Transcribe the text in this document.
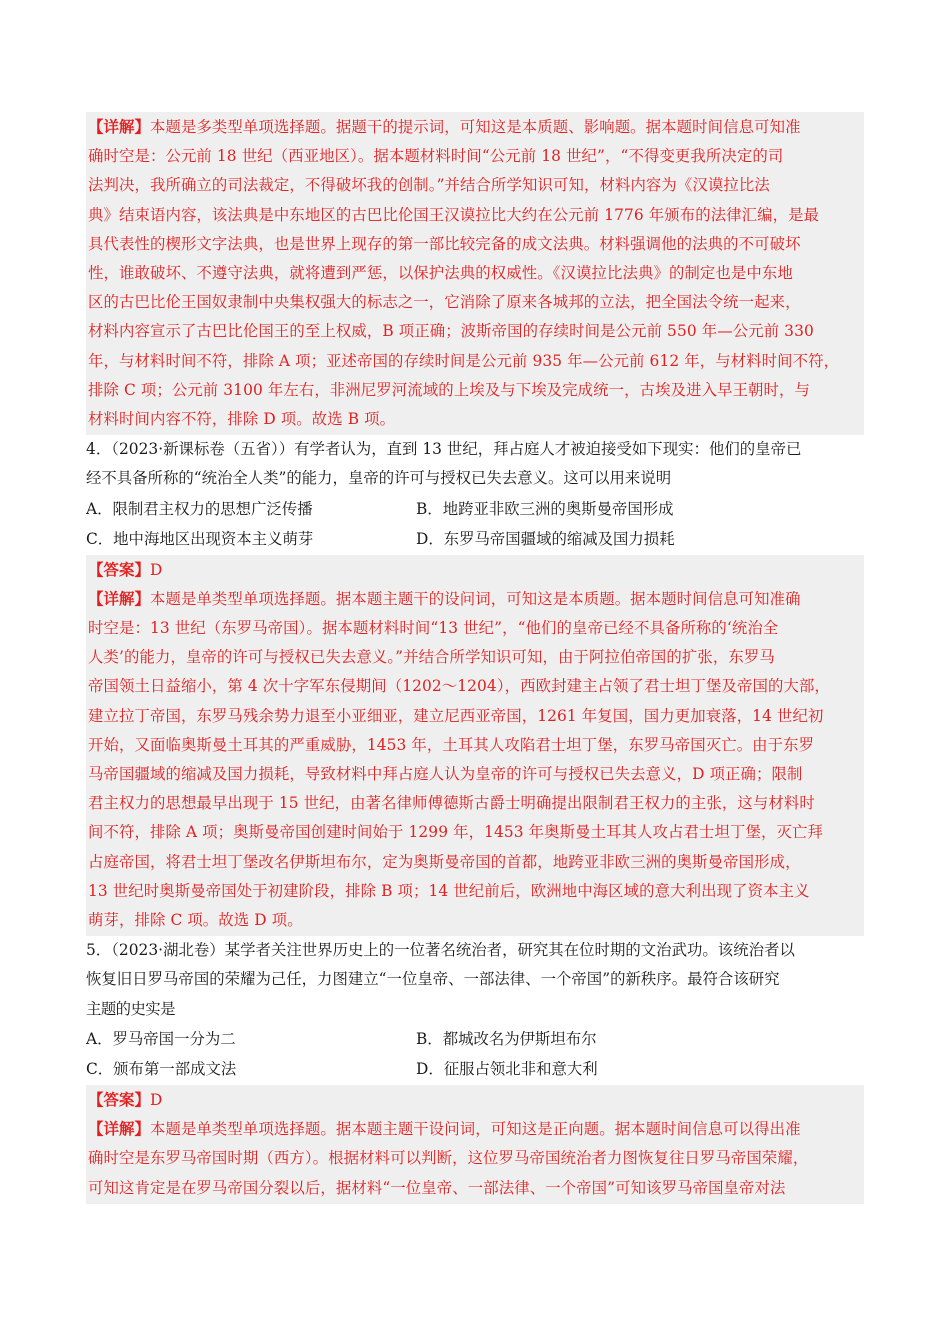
【详解】本题是多类型单项选择题。据题干的提示词，可知这是本质题、影响题。据本题时间信息可知准
确时空是：公元前 18 世纪（西亚地区）。据本题材料时间“公元前 18 世纪”，“不得变更我所决定的司
法判决，我所确立的司法裁定，不得破坏我的创制。”并结合所学知识可知，材料内容为《汉谟拉比法
典》结束语内容，该法典是中东地区的古巴比伦国王汉谟拉比大约在公元前 1776 年颁布的法律汇编，是最
具代表性的楔形文字法典，也是世界上现存的第一部比较完备的成文法典。材料强调他的法典的不可破坏
性，谁敢破坏、不遵守法典，就将遭到严惩，以保护法典的权威性。《汉谟拉比法典》的制定也是中东地
区的古巴比伦王国奴隶制中央集权强大的标志之一，它消除了原来各城邦的立法，把全国法令统一起来，
材料内容宣示了古巴比伦国王的至上权威，B 项正确；波斯帝国的存续时间是公元前 550 年—公元前 330
年，与材料时间不符，排除 A 项；亚述帝国的存续时间是公元前 935 年—公元前 612 年，与材料时间不符，
排除 C 项；公元前 3100 年左右，非洲尼罗河流域的上埃及与下埃及完成统一，古埃及进入早王朝时，与
材料时间内容不符，排除 D 项。故选 B 项。
4．（2023·新课标卷（五省））有学者认为，直到 13 世纪，拜占庭人才被迫接受如下现实：他们的皇帝已
经不具备所称的“统治全人类”的能力，皇帝的许可与授权已失去意义。这可以用来说明
A．限制君主权力的思想广泛传播	B．地跨亚非欧三洲的奥斯曼帝国形成
C．地中海地区出现资本主义萌芽	D．东罗马帝国疆域的缩减及国力损耗
【答案】D
【详解】本题是单类型单项选择题。据本题主题干的设问词，可知这是本质题。据本题时间信息可知准确
时空是：13 世纪（东罗马帝国）。据本题材料时间“13 世纪”，“他们的皇帝已经不具备所称的‘统治全
人类’的能力，皇帝的许可与授权已失去意义。”并结合所学知识可知，由于阿拉伯帝国的扩张，东罗马
帝国领土日益缩小，第 4 次十字军东侵期间（1202～1204），西欧封建主占领了君士坦丁堡及帝国的大部，
建立拉丁帝国，东罗马残余势力退至小亚细亚，建立尼西亚帝国，1261 年复国，国力更加衰落，14 世纪初
开始，又面临奥斯曼土耳其的严重威胁，1453 年，土耳其人攻陷君士坦丁堡，东罗马帝国灭亡。由于东罗
马帝国疆域的缩减及国力损耗，导致材料中拜占庭人认为皇帝的许可与授权已失去意义，D 项正确；限制
君主权力的思想最早出现于 15 世纪，由著名律师傅德斯古爵士明确提出限制君王权力的主张，这与材料时
间不符，排除 A 项；奥斯曼帝国创建时间始于 1299 年，1453 年奥斯曼土耳其人攻占君士坦丁堡，灭亡拜
占庭帝国，将君士坦丁堡改名伊斯坦布尔，定为奥斯曼帝国的首都，地跨亚非欧三洲的奥斯曼帝国形成，
13 世纪时奥斯曼帝国处于初建阶段，排除 B 项；14 世纪前后，欧洲地中海区域的意大利出现了资本主义
萌芽，排除 C 项。故选 D 项。
5．（2023·湖北卷）某学者关注世界历史上的一位著名统治者，研究其在位时期的文治武功。该统治者以
恢复旧日罗马帝国的荣耀为己任，力图建立“一位皇帝、一部法律、一个帝国”的新秩序。最符合该研究
主题的史实是
A．罗马帝国一分为二	B．都城改名为伊斯坦布尔
C．颁布第一部成文法	D．征服占领北非和意大利
【答案】D
【详解】本题是单类型单项选择题。据本题主题干设问词，可知这是正向题。据本题时间信息可以得出准
确时空是东罗马帝国时期（西方）。根据材料可以判断，这位罗马帝国统治者力图恢复往日罗马帝国荣耀，
可知这肯定是在罗马帝国分裂以后，据材料“一位皇帝、一部法律、一个帝国”可知该罗马帝国皇帝对法
